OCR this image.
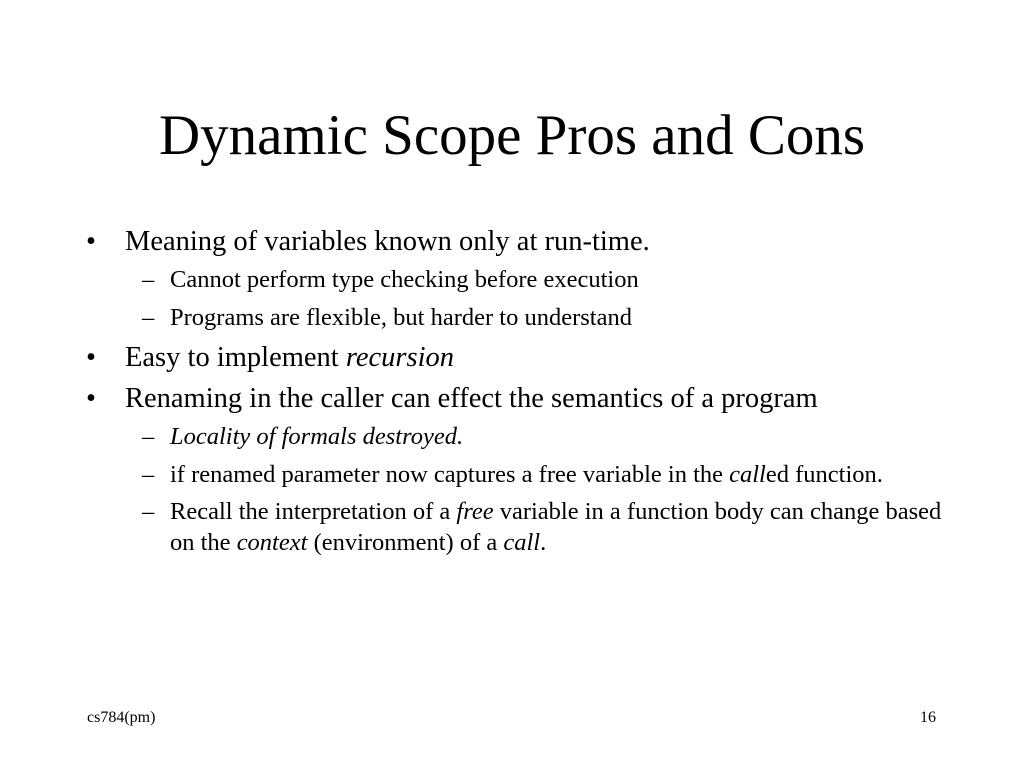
Dynamic Scope Pros and Cons
• Meaning of variables known only at run-time.
– Cannot perform type checking before execution
– Programs are flexible, but harder to understand
• Easy to implement recursion
• Renaming in the caller can effect the semantics of a program
– Locality of formals destroyed.
– if renamed parameter now captures a free variable in the called function.
– Recall the interpretation of a free variable in a function body can change based on the context (environment) of a call.
cs784(pm)	16
